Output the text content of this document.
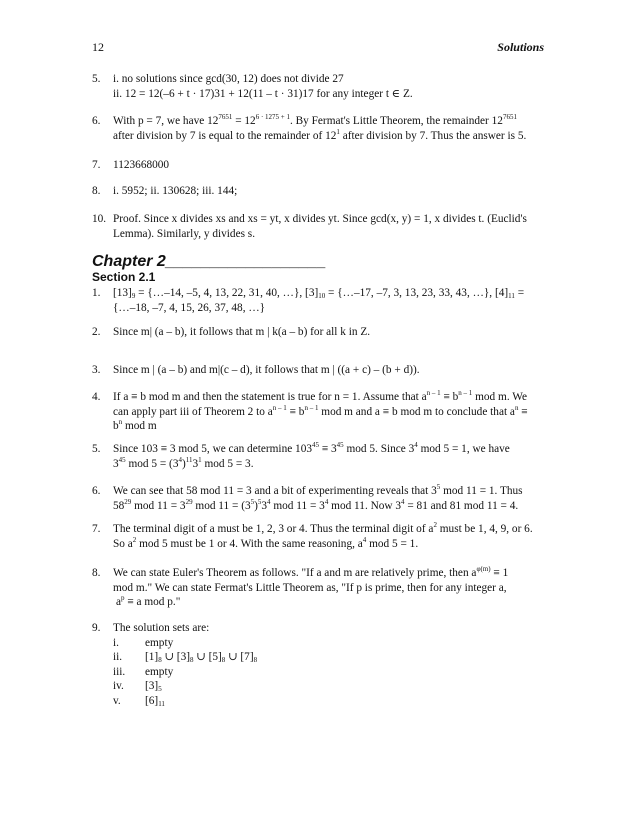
12	Solutions
5. i. no solutions since gcd(30, 12) does not divide 27
ii. 12 = 12(–6 + t · 17)31 + 12(11 – t · 31)17 for any integer t ∈ Z.
6. With p = 7, we have $12^{7651} = 12^{6 \cdot 1275 + 1}$. By Fermat's Little Theorem, the remainder $12^{7651}$
after division by 7 is equal to the remainder of $12^1$ after division by 7. Thus the answer is 5.
7. 1123668000
8. i. 5952; ii. 130628; iii. 144;
10. Proof. Since x divides xs and xs = yt, x divides yt. Since gcd(x, y) = 1, x divides t. (Euclid's
Lemma). Similarly, y divides s.
Chapter 2__________________
Section 2.1
1. $[13]_9$ = {…–14, –5, 4, 13, 22, 31, 40, …}, $[3]_{10}$ = {…–17, –7, 3, 13, 23, 33, 43, …}, $[4]_{11}$ =
{…–18, –7, 4, 15, 26, 37, 48, …}
2. Since m| (a – b), it follows that m | k(a – b) for all k in Z.
3. Since m | (a – b) and m|(c – d), it follows that m | ((a + c) – (b + d)).
4. If a ≡ b mod m and then the statement is true for n = 1. Assume that $a^{n - 1} \equiv b^{n - 1}$ mod m. We
can apply part iii of Theorem 2 to $a^{n - 1} \equiv b^{n - 1}$ mod m and a ≡ b mod m to conclude that $a^n$ ≡
$b^n$ mod m
5. Since 103 ≡ 3 mod 5, we can determine $103^{45} \equiv 3^{45}$ mod 5. Since $3^4$ mod 5 = 1, we have
$3^{45}$ mod $5 = (3^4)^{11}3^1$ mod 5 = 3.
6. We can see that 58 mod 11 = 3 and a bit of experimenting reveals that $3^5$ mod 11 = 1. Thus
$58^{29}$ mod $11 = 3^{29}$ mod $11 = (3^5)^53^4$ mod $11 = 3^4$ mod 11. Now $3^4 = 81$ and 81 mod 11 = 4.
7. The terminal digit of a must be 1, 2, 3 or 4. Thus the terminal digit of $a^2$ must be 1, 4, 9, or 6.
So $a^2$ mod 5 must be 1 or 4. With the same reasoning, $a^4$ mod 5 = 1.
8. We can state Euler's Theorem as follows. "If a and m are relatively prime, then $a^{\varphi(m)} \equiv 1$
mod m." We can state Fermat's Little Theorem as, "If p is prime, then for any integer a,
$a^p \equiv a$ mod p."
9. The solution sets are:
i.	empty
ii.	$[1]_8$ ∪ $[3]_8$ ∪ $[5]_8$ ∪ $[7]_8$
iii.	empty
iv.	$[3]_5$
v.	$[6]_{11}$
